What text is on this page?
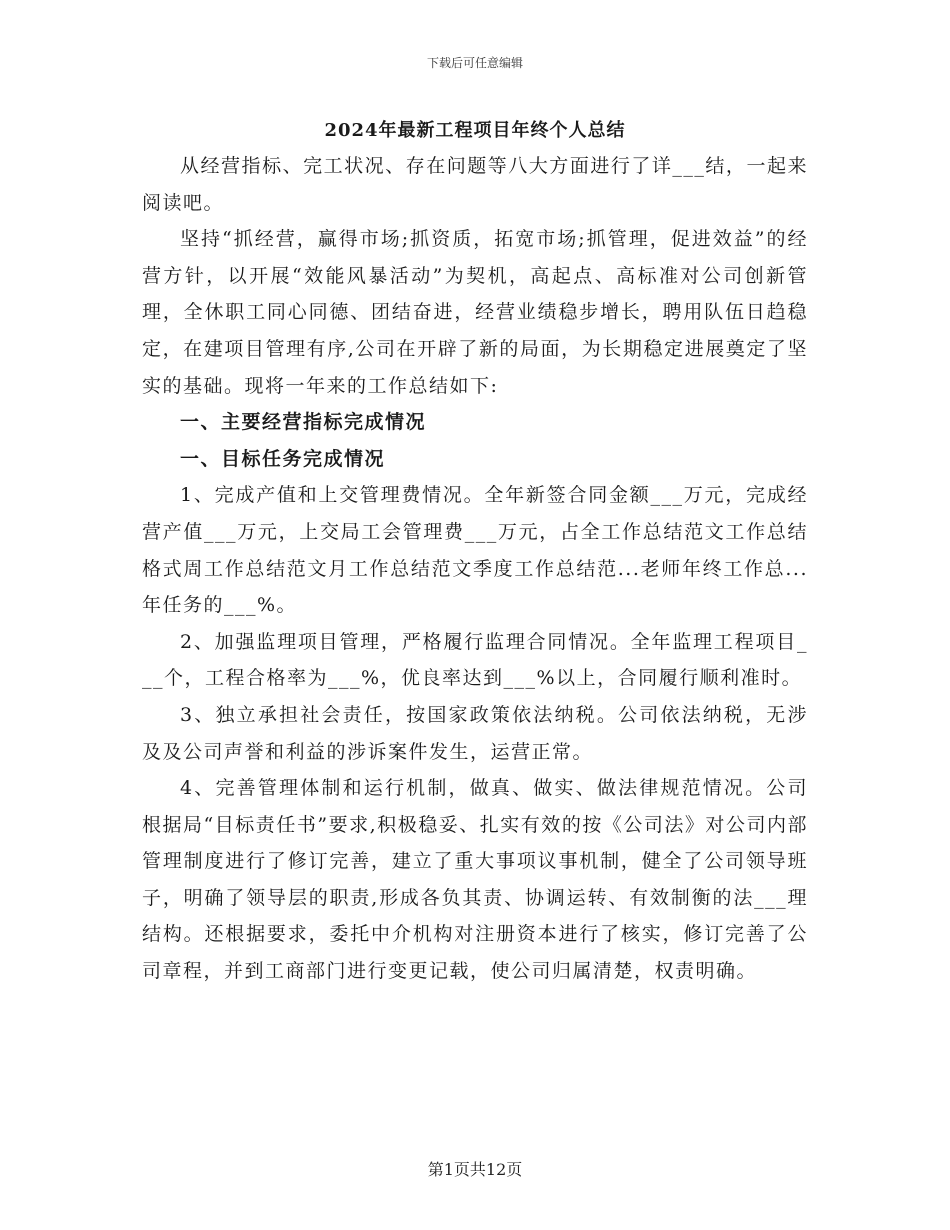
下载后可任意编辑
2024年最新工程项目年终个人总结

从经营指标、完工状况、存在问题等八大方面进行了详___结，一起来阅读吧。

坚持“抓经营，赢得市场;抓资质，拓宽市场;抓管理，促进效益”的经营方针，以开展“效能风暴活动”为契机，高起点、高标准对公司创新管理，全休职工同心同德、团结奋进，经营业绩稳步增长，聘用队伍日趋稳定，在建项目管理有序,公司在开辟了新的局面，为长期稳定进展奠定了坚实的基础。现将一年来的工作总结如下:

一、主要经营指标完成情况

一、目标任务完成情况

1、完成产值和上交管理费情况。全年新签合同金额___万元，完成经营产值___万元，上交局工会管理费___万元，占全工作总结范文工作总结格式周工作总结范文月工作总结范文季度工作总结范...老师年终工作总...年任务的___%。

2、加强监理项目管理，严格履行监理合同情况。全年监理工程项目___个，工程合格率为___%，优良率达到___%以上，合同履行顺利准时。

3、独立承担社会责任，按国家政策依法纳税。公司依法纳税，无涉及及公司声誉和利益的涉诉案件发生，运营正常。

4、完善管理体制和运行机制，做真、做实、做法律规范情况。公司根据局“目标责任书”要求,积极稳妥、扎实有效的按《公司法》对公司内部管理制度进行了修订完善，建立了重大事项议事机制，健全了公司领导班子，明确了领导层的职责,形成各负其责、协调运转、有效制衡的法___理结构。还根据要求，委托中介机构对注册资本进行了核实，修订完善了公司章程，并到工商部门进行变更记载，使公司归属清楚，权责明确。

第1页共12页
